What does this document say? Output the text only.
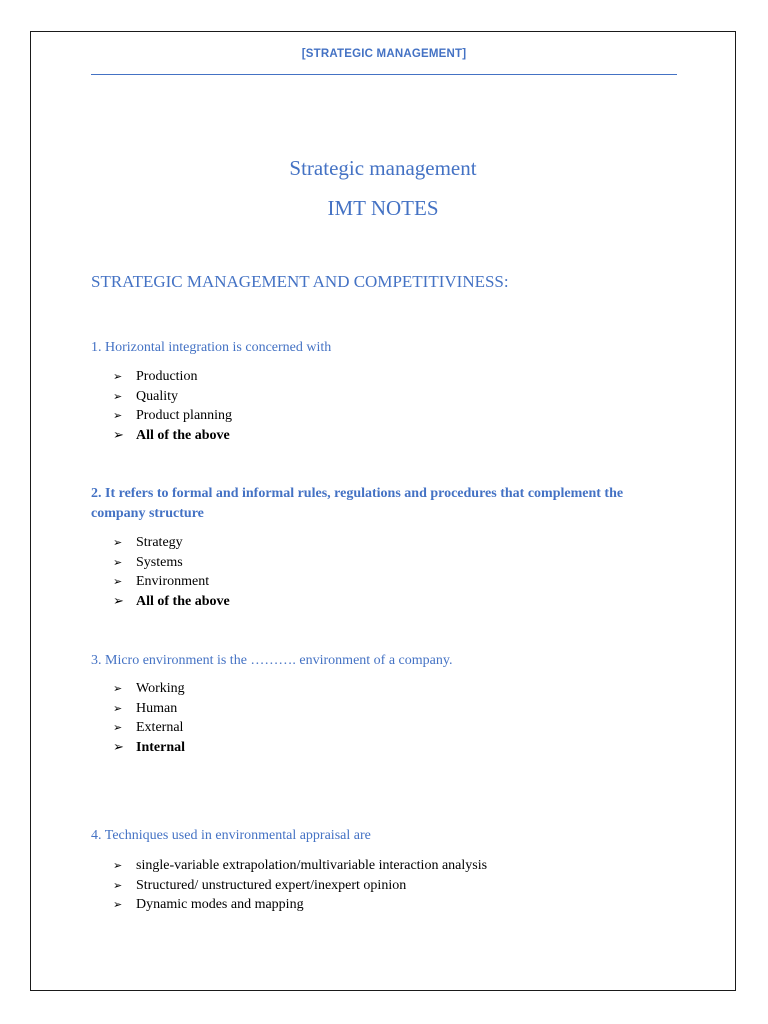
[STRATEGIC MANAGEMENT]
Strategic management
IMT NOTES
STRATEGIC MANAGEMENT AND COMPETITIVINESS:
1. Horizontal integration is concerned with
➢ Production
➢ Quality
➢ Product planning
➢ All of the above
2. It refers to formal and informal rules, regulations and procedures that complement the company structure
➢ Strategy
➢ Systems
➢ Environment
➢ All of the above
3. Micro environment is the ………. environment of a company.
➢ Working
➢ Human
➢ External
➢ Internal
4. Techniques used in environmental appraisal are
➢ single-variable extrapolation/multivariable interaction analysis
➢ Structured/ unstructured expert/inexpert opinion
➢ Dynamic modes and mapping
